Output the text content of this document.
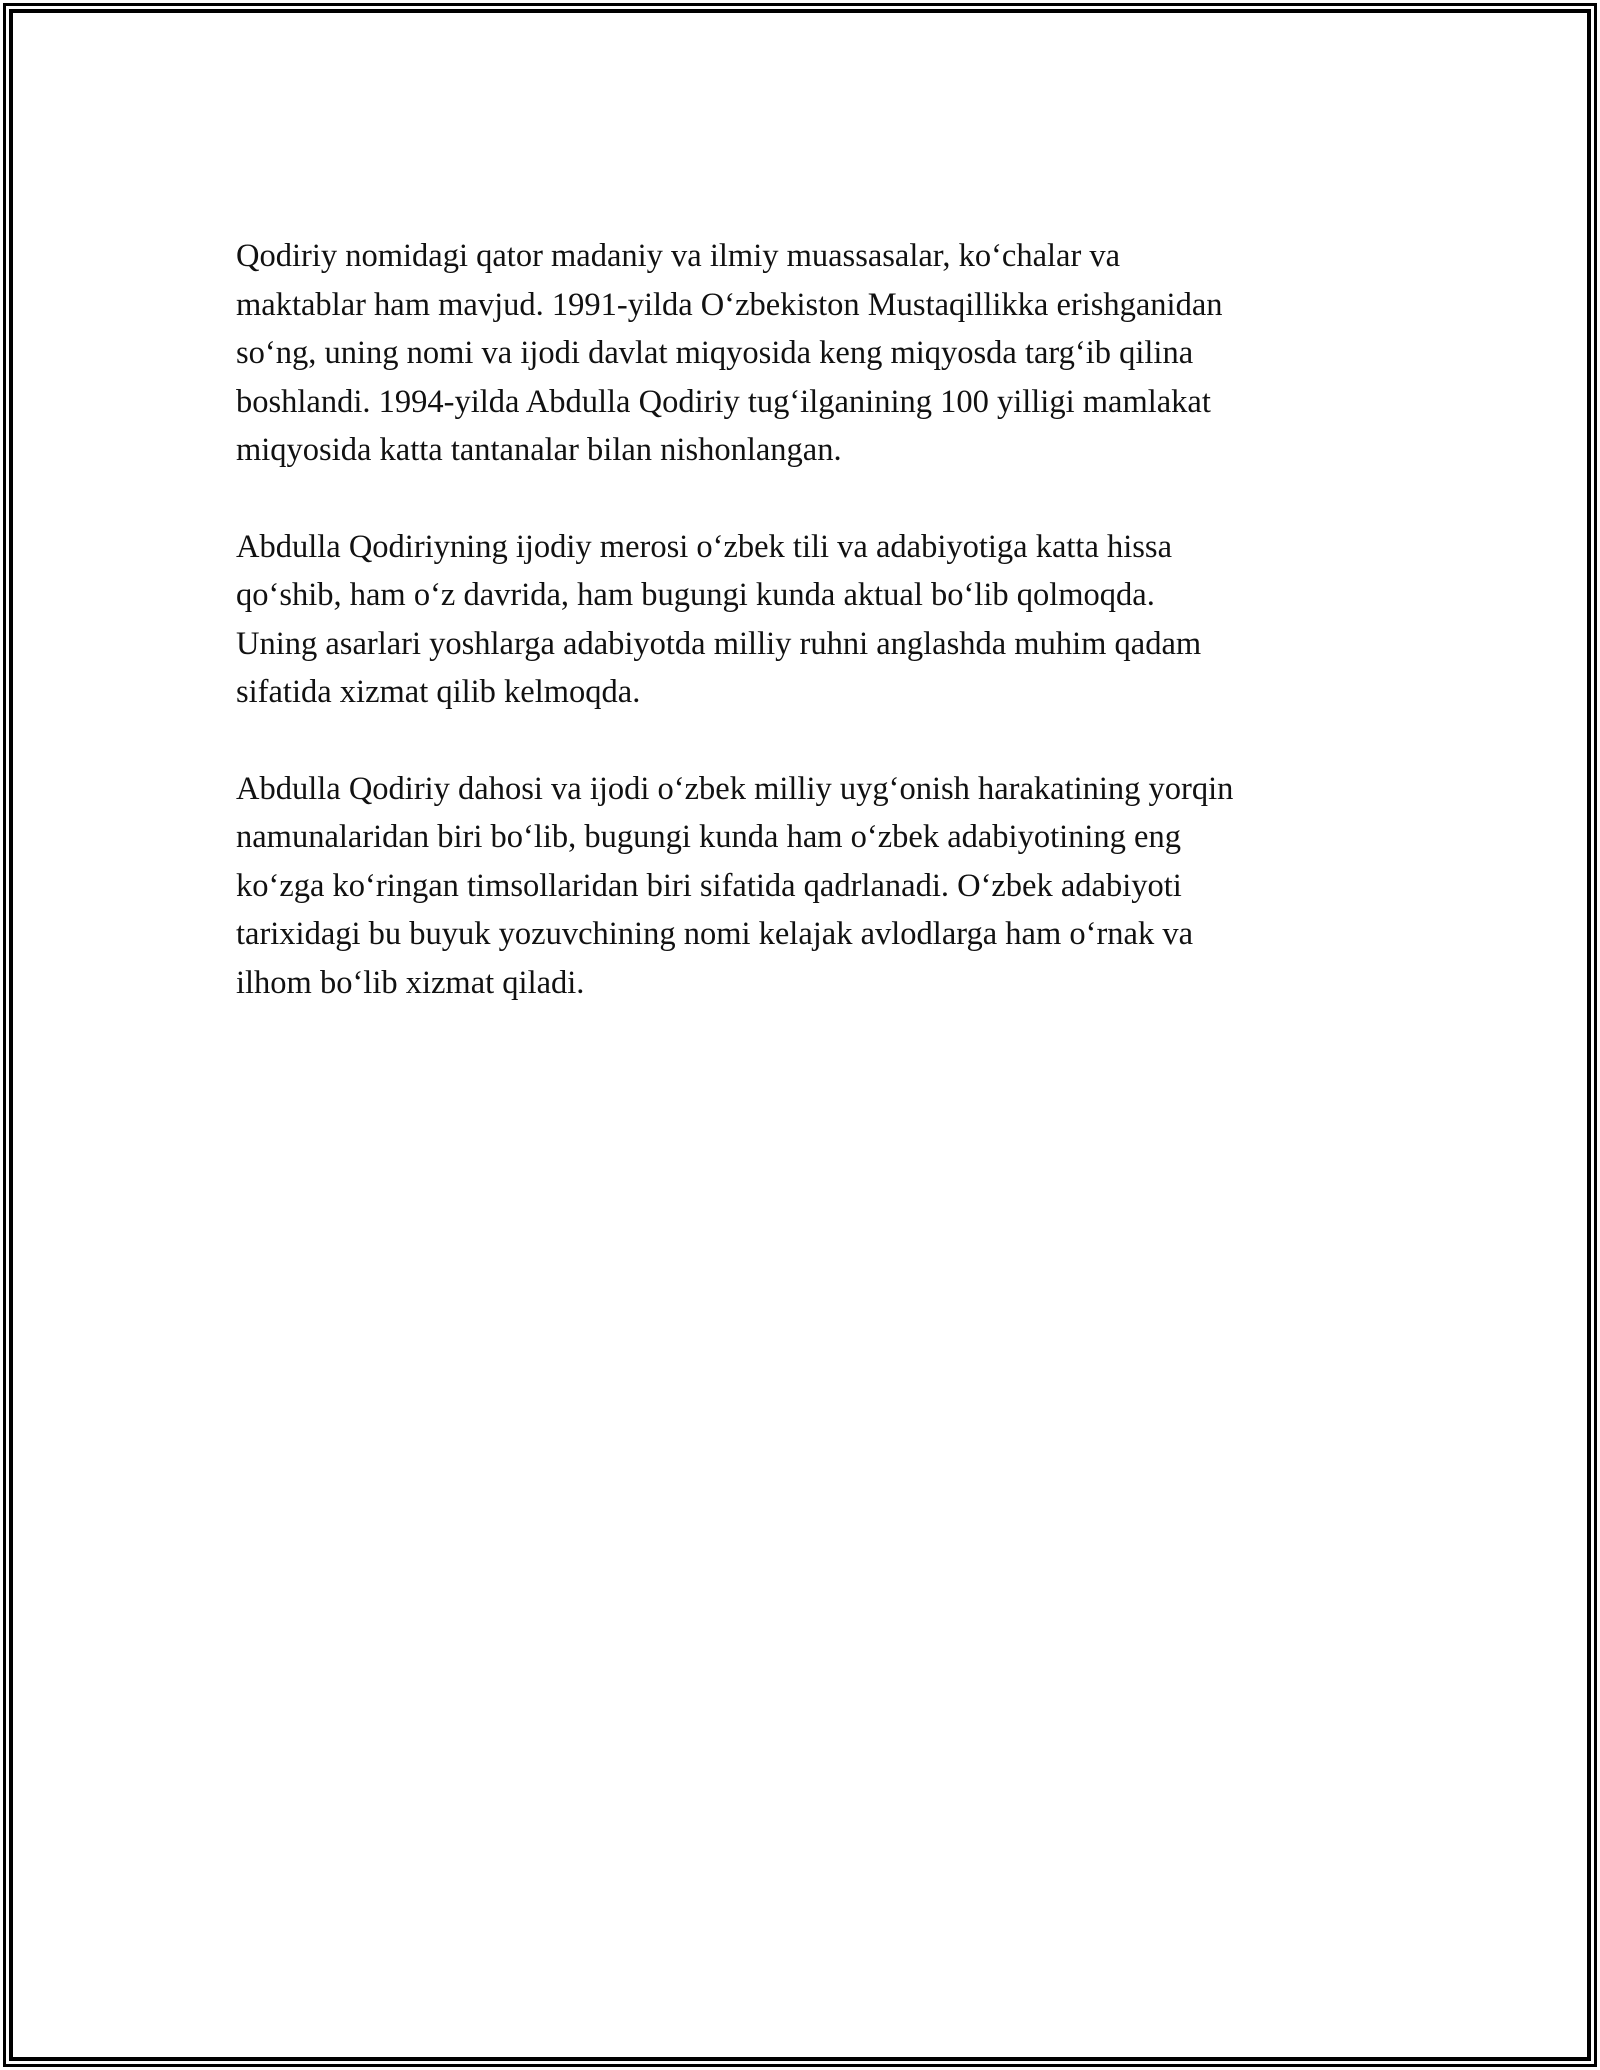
Qodiriy nomidagi qator madaniy va ilmiy muassasalar, ko‘chalar va
maktablar ham mavjud. 1991-yilda O‘zbekiston Mustaqillikka erishganidan
so‘ng, uning nomi va ijodi davlat miqyosida keng miqyosda targ‘ib qilina
boshlandi. 1994-yilda Abdulla Qodiriy tug‘ilganining 100 yilligi mamlakat
miqyosida katta tantanalar bilan nishonlangan.

Abdulla Qodiriyning ijodiy merosi o‘zbek tili va adabiyotiga katta hissa
qo‘shib, ham o‘z davrida, ham bugungi kunda aktual bo‘lib qolmoqda.
Uning asarlari yoshlarga adabiyotda milliy ruhni anglashda muhim qadam
sifatida xizmat qilib kelmoqda.

Abdulla Qodiriy dahosi va ijodi o‘zbek milliy uyg‘onish harakatining yorqin
namunalaridan biri bo‘lib, bugungi kunda ham o‘zbek adabiyotining eng
ko‘zga ko‘ringan timsollaridan biri sifatida qadrlanadi. O‘zbek adabiyoti
tarixidagi bu buyuk yozuvchining nomi kelajak avlodlarga ham o‘rnak va
ilhom bo‘lib xizmat qiladi.
